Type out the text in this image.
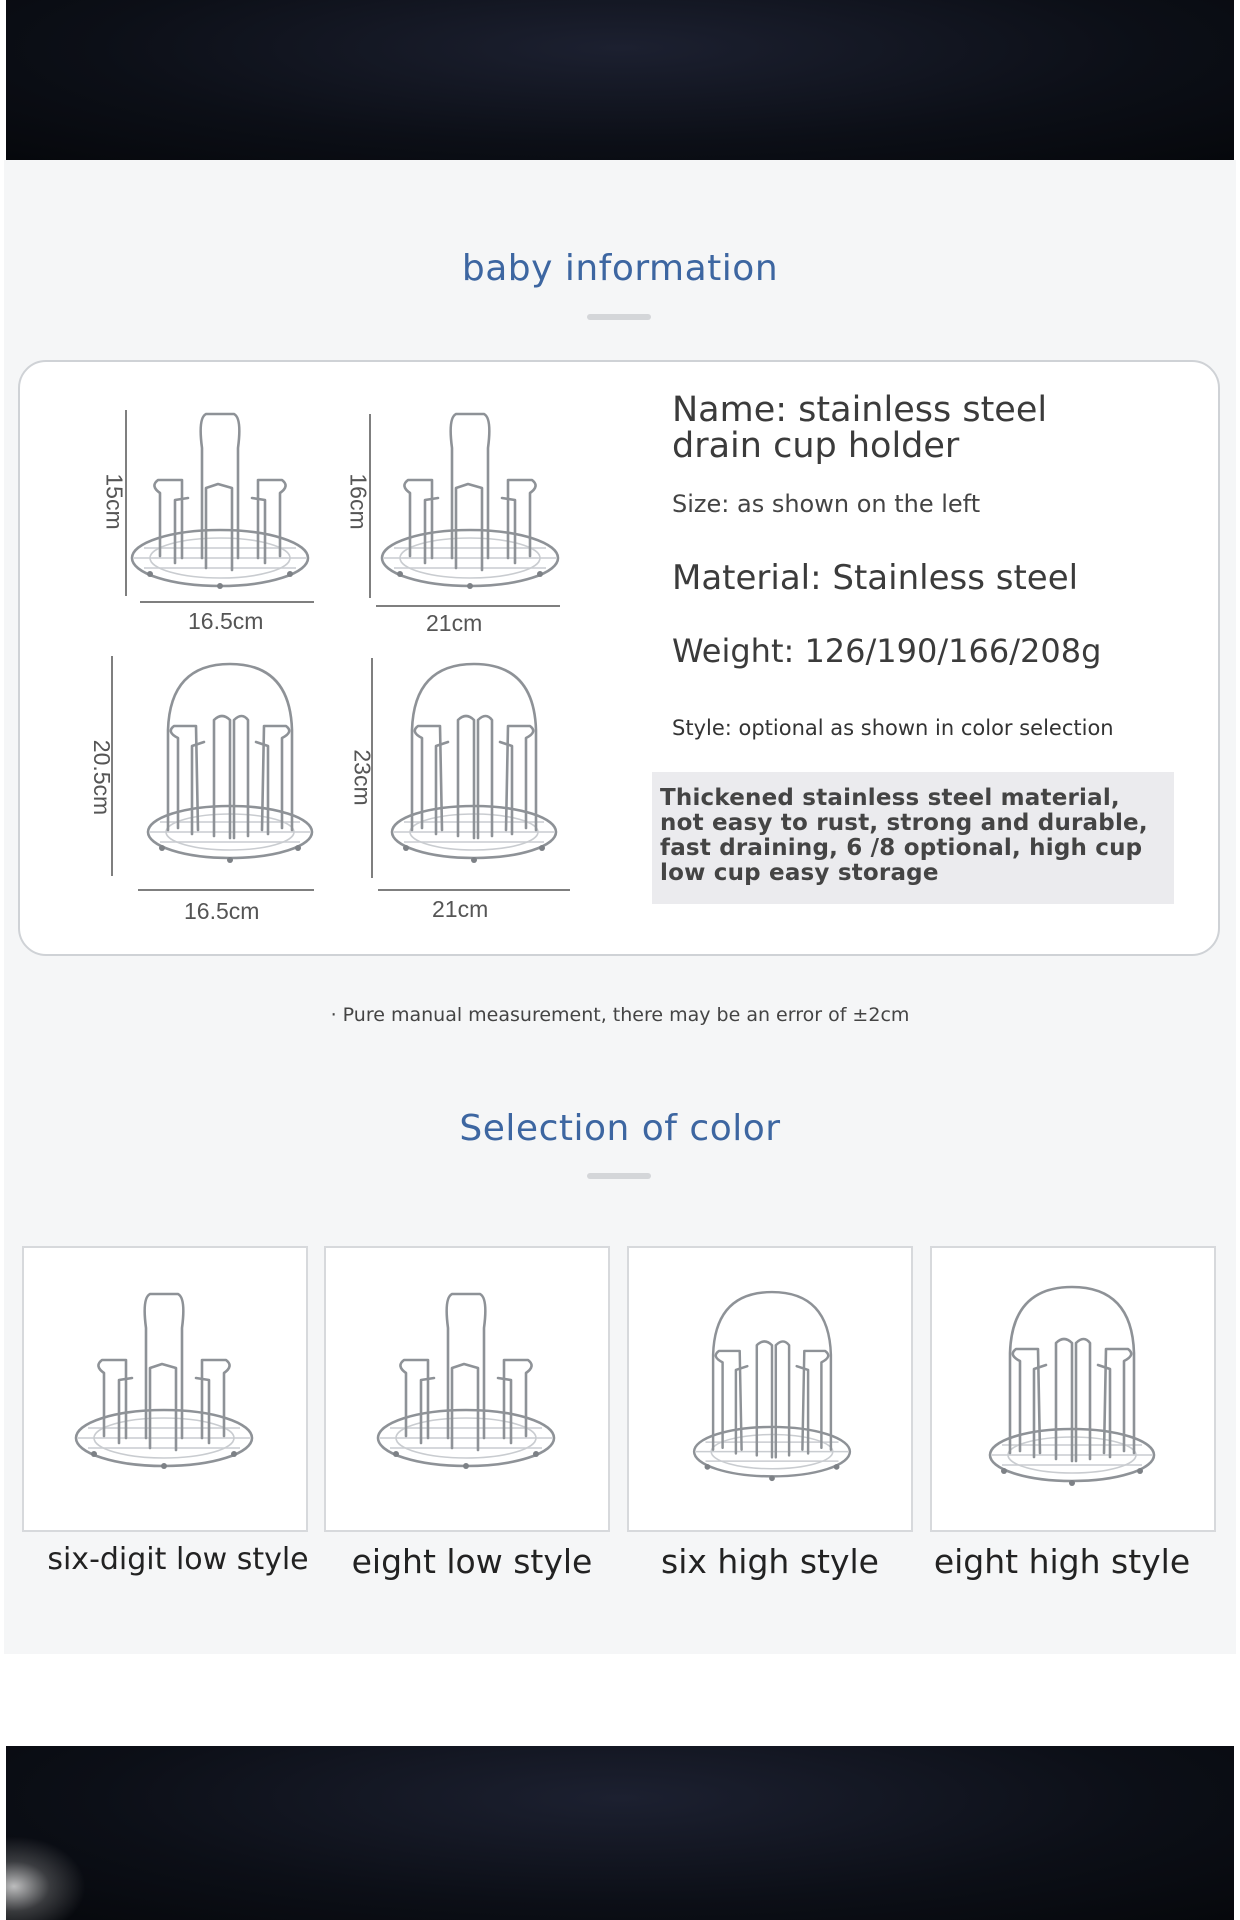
baby information
15cm
16.5cm
16cm
21cm
20.5cm
16.5cm
23cm
21cm
Name: stainless steel drain cup holder
Size: as shown on the left
Material: Stainless steel
Weight: 126/190/166/208g
Style: optional as shown in color selection
Thickened stainless steel material, not easy to rust, strong and durable, fast draining, 6 /8 optional, high cup low cup easy storage
· Pure manual measurement, there may be an error of ±2cm
Selection of color
six-digit low style	eight low style	six high style	eight high style
